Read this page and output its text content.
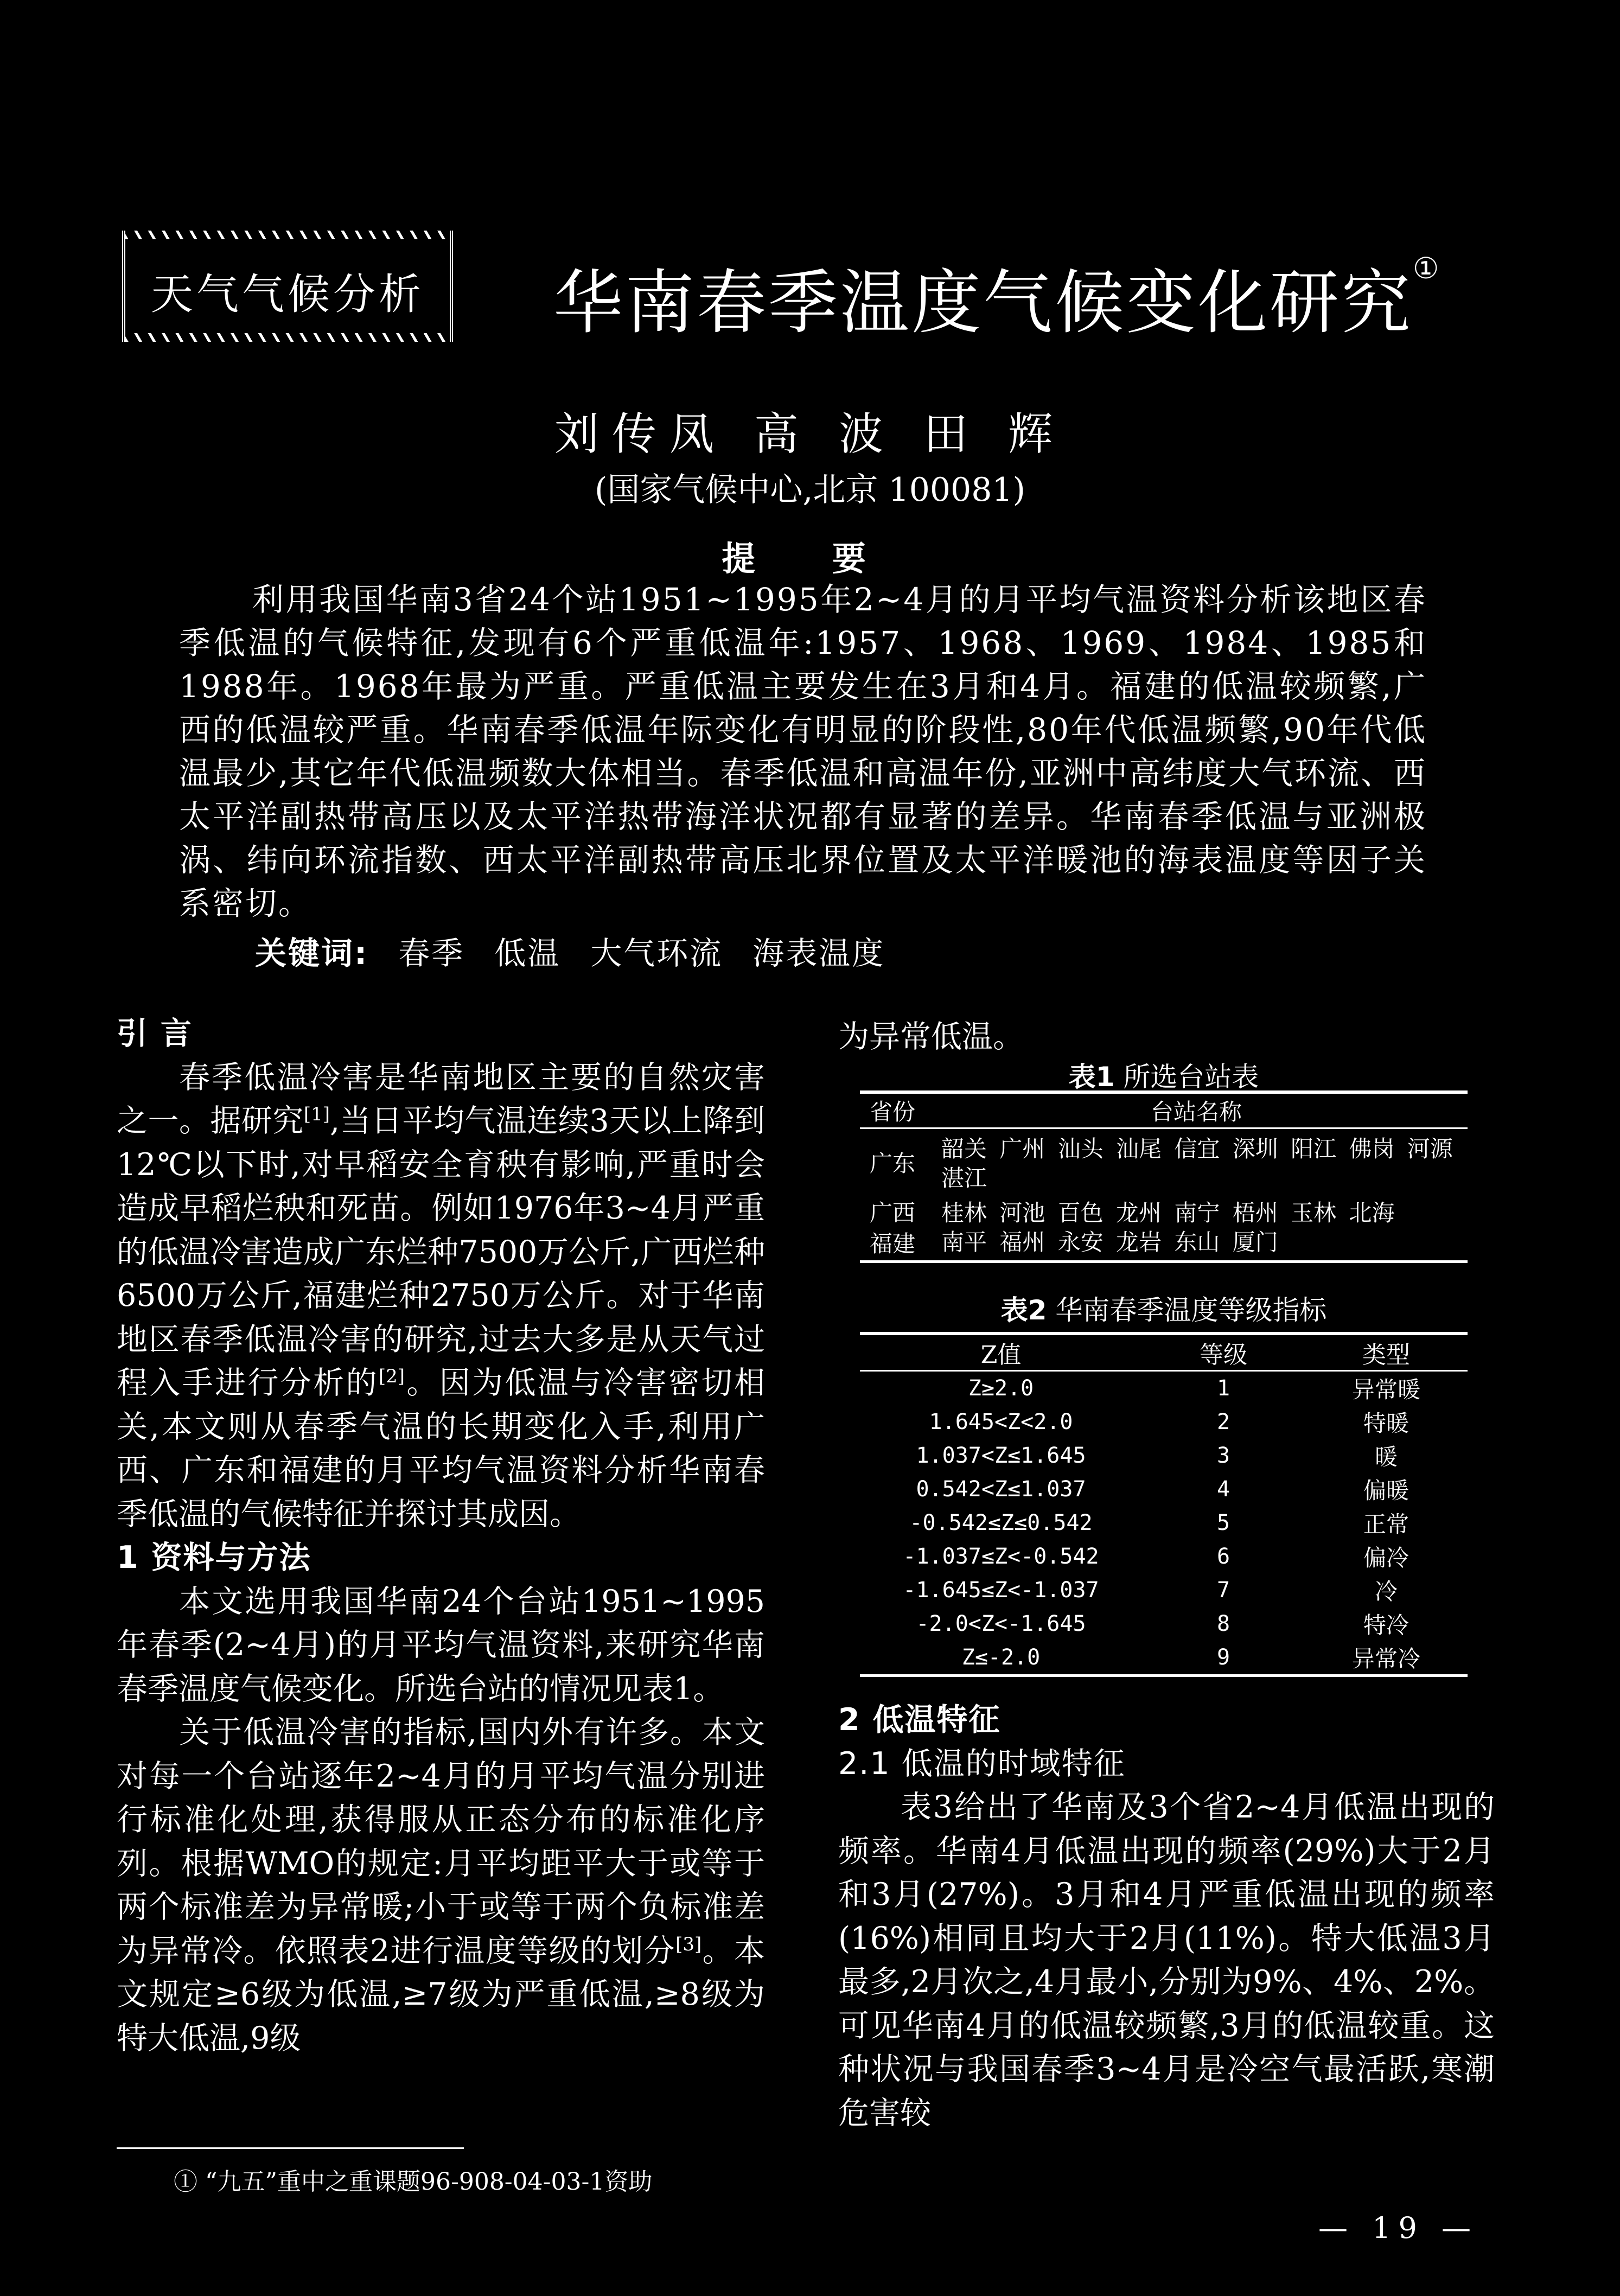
天气气候分析	华南春季温度气候变化研究①
刘传凤 高 波 田 辉
(国家气候中心,北京 100081)
提 要

利用我国华南3省24个站1951~1995年2~4月的月平均气温资料分析该地区春季低温的气候特征,发现有6个严重低温年:1957、1968、1969、1984、1985和1988年。1968年最为严重。严重低温主要发生在3月和4月。福建的低温较频繁,广西的低温较严重。华南春季低温年际变化有明显的阶段性,80年代低温频繁,90年代低温最少,其它年代低温频数大体相当。春季低温和高温年份,亚洲中高纬度大气环流、西太平洋副热带高压以及太平洋热带海洋状况都有显著的差异。华南春季低温与亚洲极涡、纬向环流指数、西太平洋副热带高压北界位置及太平洋暖池的海表温度等因子关系密切。

关键词: 春季 低温 大气环流 海表温度

引 言

春季低温冷害是华南地区主要的自然灾害之一。据研究[1],当日平均气温连续3天以上降到12℃以下时,对早稻安全育秧有影响,严重时会造成早稻烂秧和死苗。例如1976年3~4月严重的低温冷害造成广东烂种7500万公斤,广西烂种6500万公斤,福建烂种2750万公斤。对于华南地区春季低温冷害的研究,过去大多是从天气过程入手进行分析的[2]。因为低温与冷害密切相关,本文则从春季气温的长期变化入手,利用广西、广东和福建的月平均气温资料分析华南春季低温的气候特征并探讨其成因。

1 资料与方法

本文选用我国华南24个台站1951~1995年春季(2~4月)的月平均气温资料,来研究华南春季温度气候变化。所选台站的情况见表1。

关于低温冷害的指标,国内外有许多。本文对每一个台站逐年2~4月的月平均气温分别进行标准化处理,获得服从正态分布的标准化序列。根据WMO的规定:月平均距平大于或等于两个标准差为异常暖;小于或等于两个负标准差为异常冷。依照表2进行温度等级的划分[3]。本文规定≥6级为低温,≥7级为严重低温,≥8级为特大低温,9级

为异常低温。
表1 所选台站表
省份	台站名称
广东	韶关 广州 汕头 汕尾 信宜 深圳 阳江 佛岗 河源 湛江
广西	桂林 河池 百色 龙州 南宁 梧州 玉林 北海
福建	南平 福州 永安 龙岩 东山 厦门
表2 华南春季温度等级指标
Z值	等级	类型
Z≥2.0	1	异常暖
1.645<Z<2.0	2	特暖
1.037<Z≤1.645	3	暖
0.542<Z≤1.037	4	偏暖
-0.542≤Z≤0.542	5	正常
-1.037≤Z<-0.542	6	偏冷
-1.645≤Z<-1.037	7	冷
-2.0<Z<-1.645	8	特冷
Z≤-2.0	9	异常冷

2 低温特征

2.1 低温的时域特征

表3给出了华南及3个省2~4月低温出现的频率。华南4月低温出现的频率(29%)大于2月和3月(27%)。3月和4月严重低温出现的频率(16%)相同且均大于2月(11%)。特大低温3月最多,2月次之,4月最小,分别为9%、4%、2%。可见华南4月的低温较频繁,3月的低温较重。这种状况与我国春季3~4月是冷空气最活跃,寒潮危害较

① “九五”重中之重课题96-908-04-03-1资助
— 19 —
